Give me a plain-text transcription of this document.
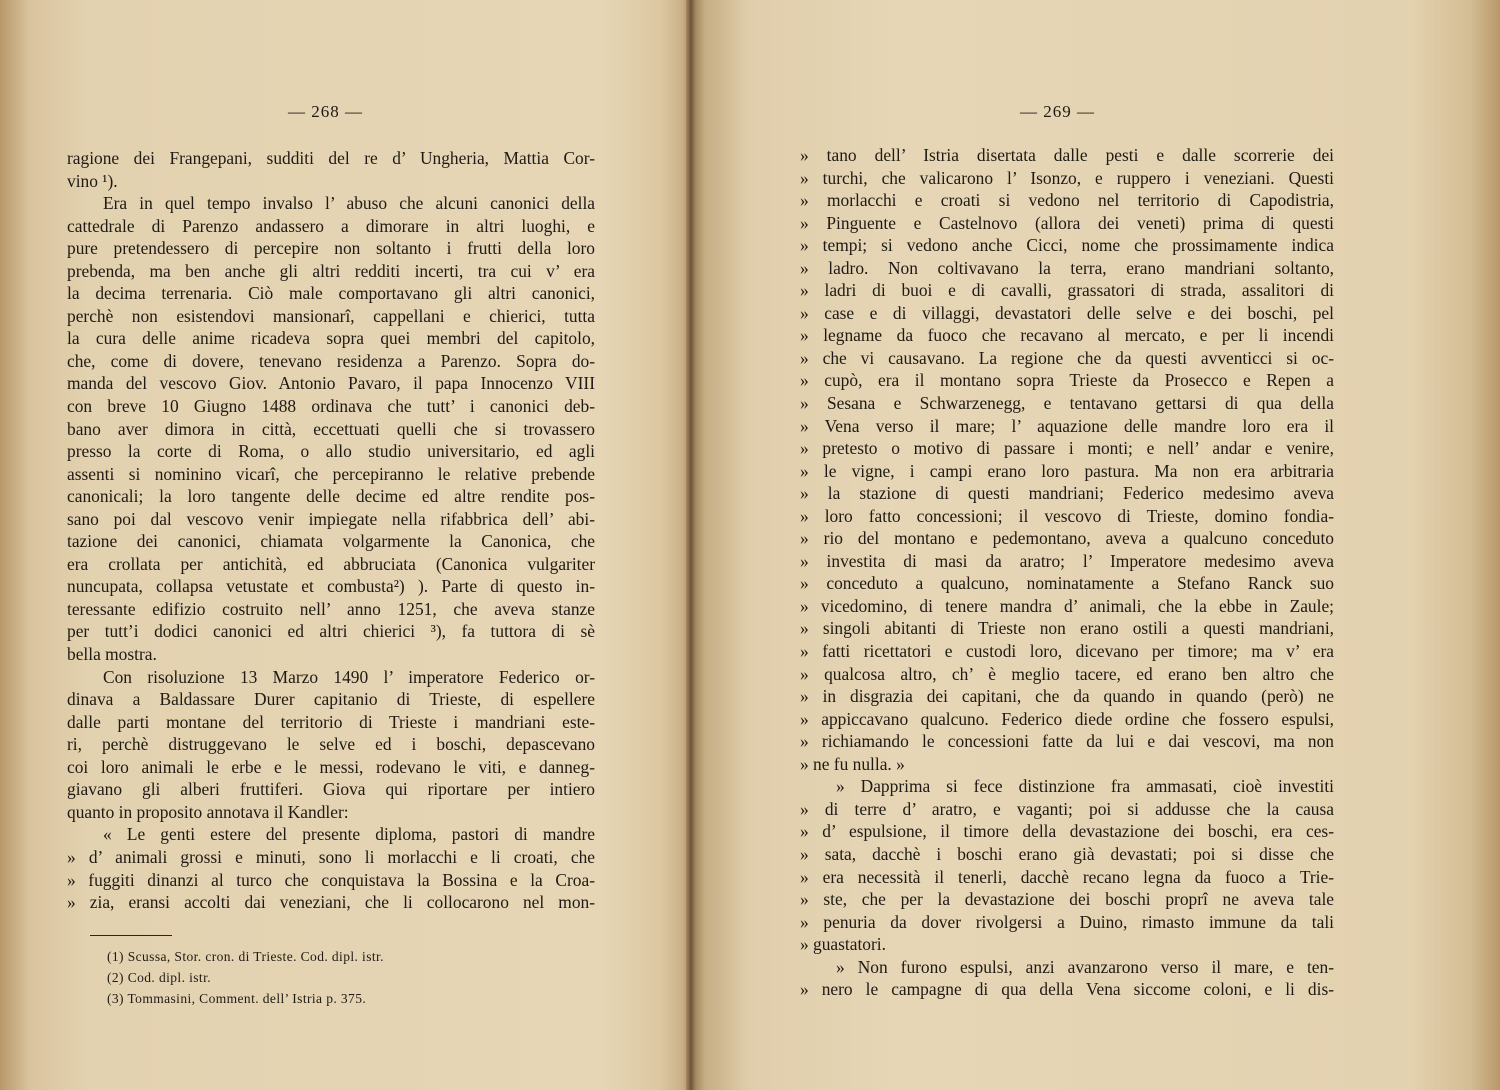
— 268 —
ragione dei Frangepani, sudditi del re d’ Ungheria, Mattia Cor-
vino ¹).
Era in quel tempo invalso l’ abuso che alcuni canonici della
cattedrale di Parenzo andassero a dimorare in altri luoghi, e
pure pretendessero di percepire non soltanto i frutti della loro
prebenda, ma ben anche gli altri redditi incerti, tra cui v’ era
la decima terrenaria. Ciò male comportavano gli altri canonici,
perchè non esistendovi mansionarî, cappellani e chierici, tutta
la cura delle anime ricadeva sopra quei membri del capitolo,
che, come di dovere, tenevano residenza a Parenzo. Sopra do-
manda del vescovo Giov. Antonio Pavaro, il papa Innocenzo VIII
con breve 10 Giugno 1488 ordinava che tutt’ i canonici deb-
bano aver dimora in città, eccettuati quelli che si trovassero
presso la corte di Roma, o allo studio universitario, ed agli
assenti si nominino vicarî, che percepiranno le relative prebende
canonicali; la loro tangente delle decime ed altre rendite pos-
sano poi dal vescovo venir impiegate nella rifabbrica dell’ abi-
tazione dei canonici, chiamata volgarmente la Canonica, che
era crollata per antichità, ed abbruciata (Canonica vulgariter
nuncupata, collapsa vetustate et combusta²) ). Parte di questo in-
teressante edifizio costruito nell’ anno 1251, che aveva stanze
per tutt’i dodici canonici ed altri chierici ³), fa tuttora di sè
bella mostra.
Con risoluzione 13 Marzo 1490 l’ imperatore Federico or-
dinava a Baldassare Durer capitanio di Trieste, di espellere
dalle parti montane del territorio di Trieste i mandriani este-
ri, perchè distruggevano le selve ed i boschi, depascevano
coi loro animali le erbe e le messi, rodevano le viti, e danneg-
giavano gli alberi fruttiferi. Giova qui riportare per intiero
quanto in proposito annotava il Kandler:
« Le genti estere del presente diploma, pastori di mandre
» d’ animali grossi e minuti, sono li morlacchi e li croati, che
» fuggiti dinanzi al turco che conquistava la Bossina e la Croa-
» zia, eransi accolti dai veneziani, che li collocarono nel mon-
(1) Scussa, Stor. cron. di Trieste. Cod. dipl. istr.
(2) Cod. dipl. istr.
(3) Tommasini, Comment. dell’ Istria p. 375.
— 269 —
» tano dell’ Istria disertata dalle pesti e dalle scorrerie dei
» turchi, che valicarono l’ Isonzo, e ruppero i veneziani. Questi
» morlacchi e croati si vedono nel territorio di Capodistria,
» Pinguente e Castelnovo (allora dei veneti) prima di questi
» tempi; si vedono anche Cicci, nome che prossimamente indica
» ladro. Non coltivavano la terra, erano mandriani soltanto,
» ladri di buoi e di cavalli, grassatori di strada, assalitori di
» case e di villaggi, devastatori delle selve e dei boschi, pel
» legname da fuoco che recavano al mercato, e per li incendi
» che vi causavano. La regione che da questi avventicci si oc-
» cupò, era il montano sopra Trieste da Prosecco e Repen a
» Sesana e Schwarzenegg, e tentavano gettarsi di qua della
» Vena verso il mare; l’ aquazione delle mandre loro era il
» pretesto o motivo di passare i monti; e nell’ andar e venire,
» le vigne, i campi erano loro pastura. Ma non era arbitraria
» la stazione di questi mandriani; Federico medesimo aveva
» loro fatto concessioni; il vescovo di Trieste, domino fondia-
» rio del montano e pedemontano, aveva a qualcuno conceduto
» investita di masi da aratro; l’ Imperatore medesimo aveva
» conceduto a qualcuno, nominatamente a Stefano Ranck suo
» vicedomino, di tenere mandra d’ animali, che la ebbe in Zaule;
» singoli abitanti di Trieste non erano ostili a questi mandriani,
» fatti ricettatori e custodi loro, dicevano per timore; ma v’ era
» qualcosa altro, ch’ è meglio tacere, ed erano ben altro che
» in disgrazia dei capitani, che da quando in quando (però) ne
» appiccavano qualcuno. Federico diede ordine che fossero espulsi,
» richiamando le concessioni fatte da lui e dai vescovi, ma non
» ne fu nulla. »
» Dapprima si fece distinzione fra ammasati, cioè investiti
» di terre d’ aratro, e vaganti; poi si addusse che la causa
» d’ espulsione, il timore della devastazione dei boschi, era ces-
» sata, dacchè i boschi erano già devastati; poi si disse che
» era necessità il tenerli, dacchè recano legna da fuoco a Trie-
» ste, che per la devastazione dei boschi proprî ne aveva tale
» penuria da dover rivolgersi a Duino, rimasto immune da tali
» guastatori.
» Non furono espulsi, anzi avanzarono verso il mare, e ten-
» nero le campagne di qua della Vena siccome coloni, e li dis-
